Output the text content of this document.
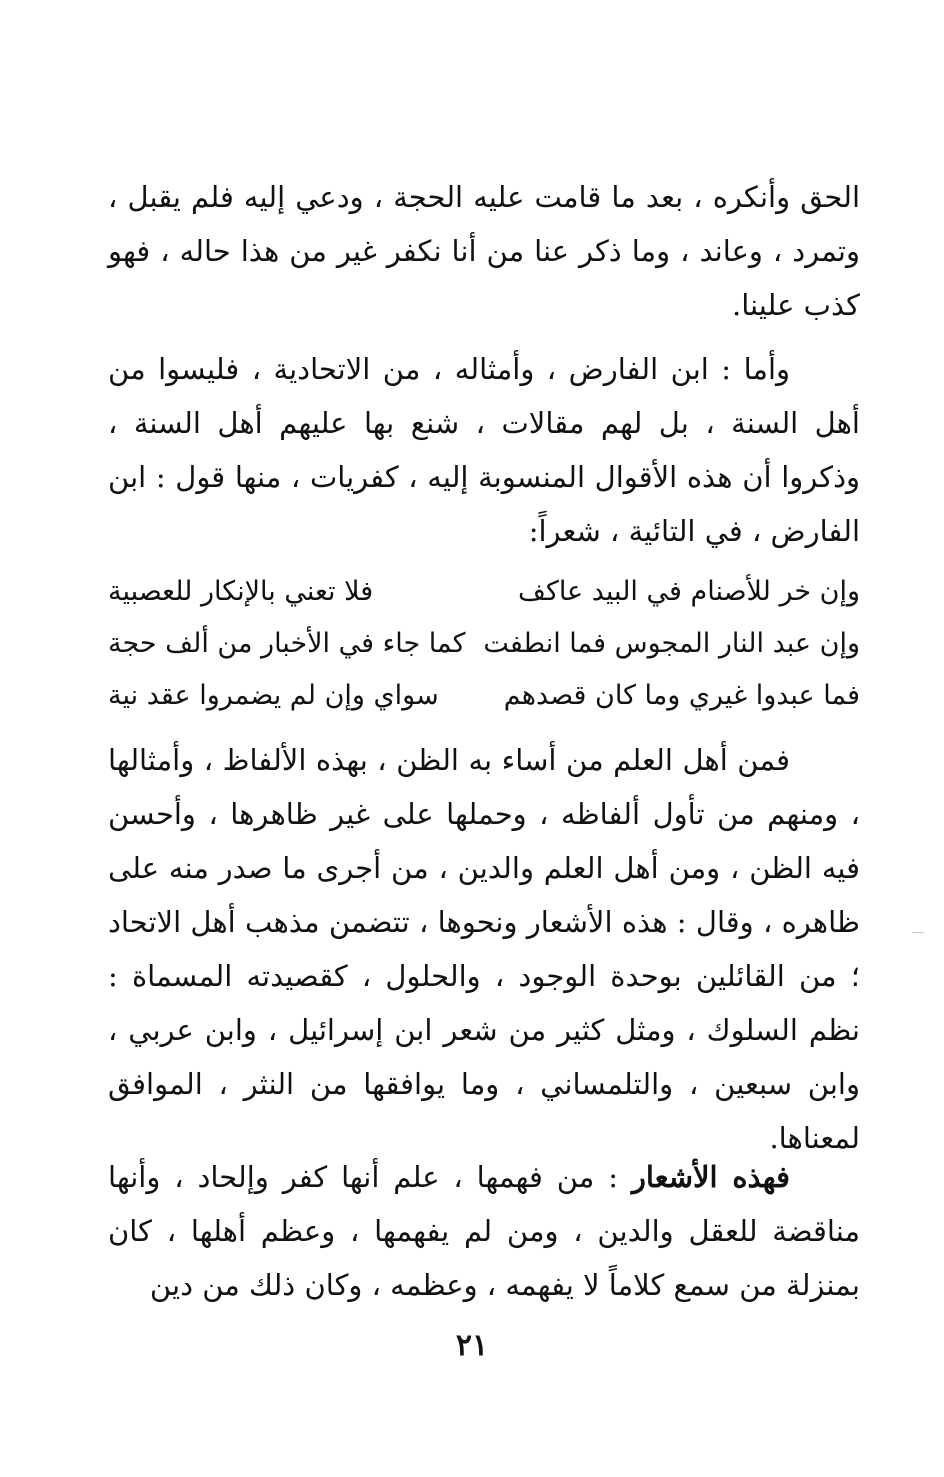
الحق وأنكره ، بعد ما قامت عليه الحجة ، ودعي إليه فلم يقبل ، وتمرد ، وعاند ، وما ذكر عنا من أنا نكفر غير من هذا حاله ، فهو كذب علينا.

وأما : ابن الفارض ، وأمثاله ، من الاتحادية ، فليسوا من أهل السنة ، بل لهم مقالات ، شنع بها عليهم أهل السنة ، وذكروا أن هذه الأقوال المنسوبة إليه ، كفريات ، منها قول : ابن الفارض ، في التائية ، شعراً:

وإن خر للأصنام في البيد عاكف
فلا تعني بالإنكار للعصبية
وإن عبد النار المجوس فما انطفت
كما جاء في الأخبار من ألف حجة
فما عبدوا غيري وما كان قصدهم
سواي وإن لم يضمروا عقد نية

فمن أهل العلم من أساء به الظن ، بهذه الألفاظ ، وأمثالها ، ومنهم من تأول ألفاظه ، وحملها على غير ظاهرها ، وأحسن فيه الظن ، ومن أهل العلم والدين ، من أجرى ما صدر منه على ظاهره ، وقال : هذه الأشعار ونحوها ، تتضمن مذهب أهل الاتحاد ؛ من القائلين بوحدة الوجود ، والحلول ، كقصيدته المسماة : نظم السلوك ، ومثل كثير من شعر ابن إسرائيل ، وابن عربي ، وابن سبعين ، والتلمساني ، وما يوافقها من النثر ، الموافق لمعناها.

فهذه الأشعار : من فهمها ، علم أنها كفر وإلحاد ، وأنها مناقضة للعقل والدين ، ومن لم يفهمها ، وعظم أهلها ، كان بمنزلة من سمع كلاماً لا يفهمه ، وعظمه ، وكان ذلك من دين

٢١
